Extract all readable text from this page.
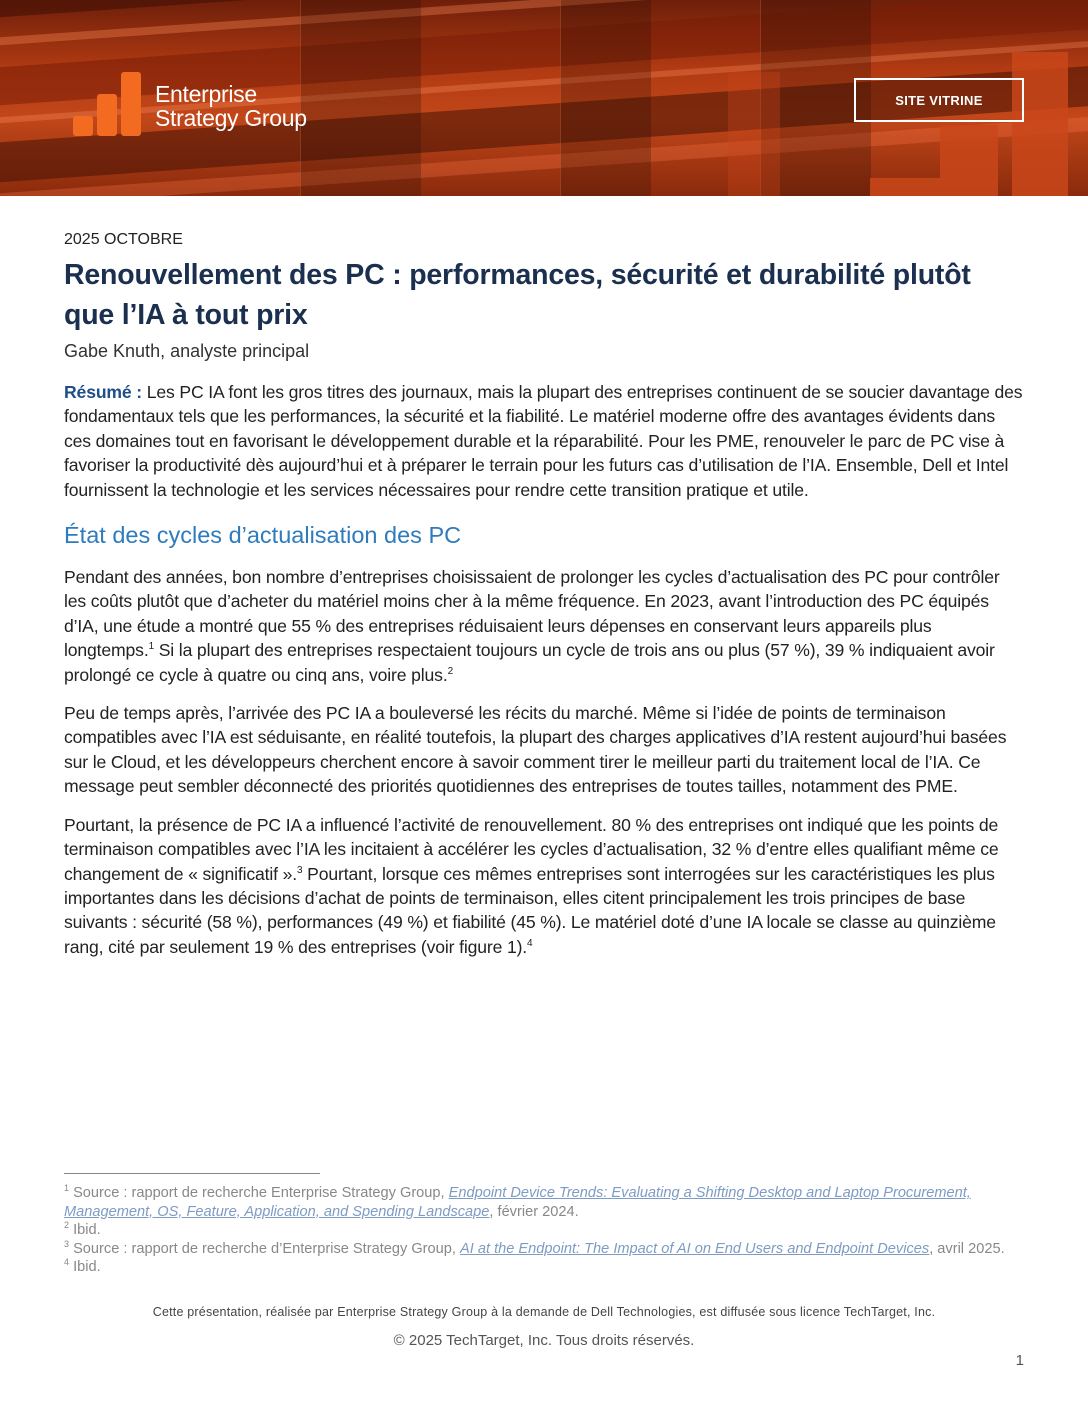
Enterprise
Strategy Group
SITE VITRINE
2025 OCTOBRE
Renouvellement des PC : performances, sécurité et durabilité plutôt que l’IA à tout prix
Gabe Knuth, analyste principal

Résumé : Les PC IA font les gros titres des journaux, mais la plupart des entreprises continuent de se soucier davantage des fondamentaux tels que les performances, la sécurité et la fiabilité. Le matériel moderne offre des avantages évidents dans ces domaines tout en favorisant le développement durable et la réparabilité. Pour les PME, renouveler le parc de PC vise à favoriser la productivité dès aujourd’hui et à préparer le terrain pour les futurs cas d’utilisation de l’IA. Ensemble, Dell et Intel fournissent la technologie et les services nécessaires pour rendre cette transition pratique et utile.

État des cycles d’actualisation des PC

Pendant des années, bon nombre d’entreprises choisissaient de prolonger les cycles d’actualisation des PC pour contrôler les coûts plutôt que d’acheter du matériel moins cher à la même fréquence. En 2023, avant l’introduction des PC équipés d’IA, une étude a montré que 55 % des entreprises réduisaient leurs dépenses en conservant leurs appareils plus longtemps.$^1$ Si la plupart des entreprises respectaient toujours un cycle de trois ans ou plus (57 %), 39 % indiquaient avoir prolongé ce cycle à quatre ou cinq ans, voire plus.$^2$

Peu de temps après, l’arrivée des PC IA a bouleversé les récits du marché. Même si l’idée de points de terminaison compatibles avec l’IA est séduisante, en réalité toutefois, la plupart des charges applicatives d’IA restent aujourd’hui basées sur le Cloud, et les développeurs cherchent encore à savoir comment tirer le meilleur parti du traitement local de l’IA. Ce message peut sembler déconnecté des priorités quotidiennes des entreprises de toutes tailles, notamment des PME.

Pourtant, la présence de PC IA a influencé l’activité de renouvellement. 80 % des entreprises ont indiqué que les points de terminaison compatibles avec l’IA les incitaient à accélérer les cycles d’actualisation, 32 % d’entre elles qualifiant même ce changement de « significatif ».$^3$ Pourtant, lorsque ces mêmes entreprises sont interrogées sur les caractéristiques les plus importantes dans les décisions d’achat de points de terminaison, elles citent principalement les trois principes de base suivants : sécurité (58 %), performances (49 %) et fiabilité (45 %). Le matériel doté d’une IA locale se classe au quinzième rang, cité par seulement 19 % des entreprises (voir figure 1).$^4$

$^1$ Source : rapport de recherche Enterprise Strategy Group, Endpoint Device Trends: Evaluating a Shifting Desktop and Laptop Procurement, Management, OS, Feature, Application, and Spending Landscape, février 2024.
$^2$ Ibid.
$^3$ Source : rapport de recherche d’Enterprise Strategy Group, AI at the Endpoint: The Impact of AI on End Users and Endpoint Devices, avril 2025.
$^4$ Ibid.
Cette présentation, réalisée par Enterprise Strategy Group à la demande de Dell Technologies, est diffusée sous licence TechTarget, Inc.
© 2025 TechTarget, Inc. Tous droits réservés.
1
